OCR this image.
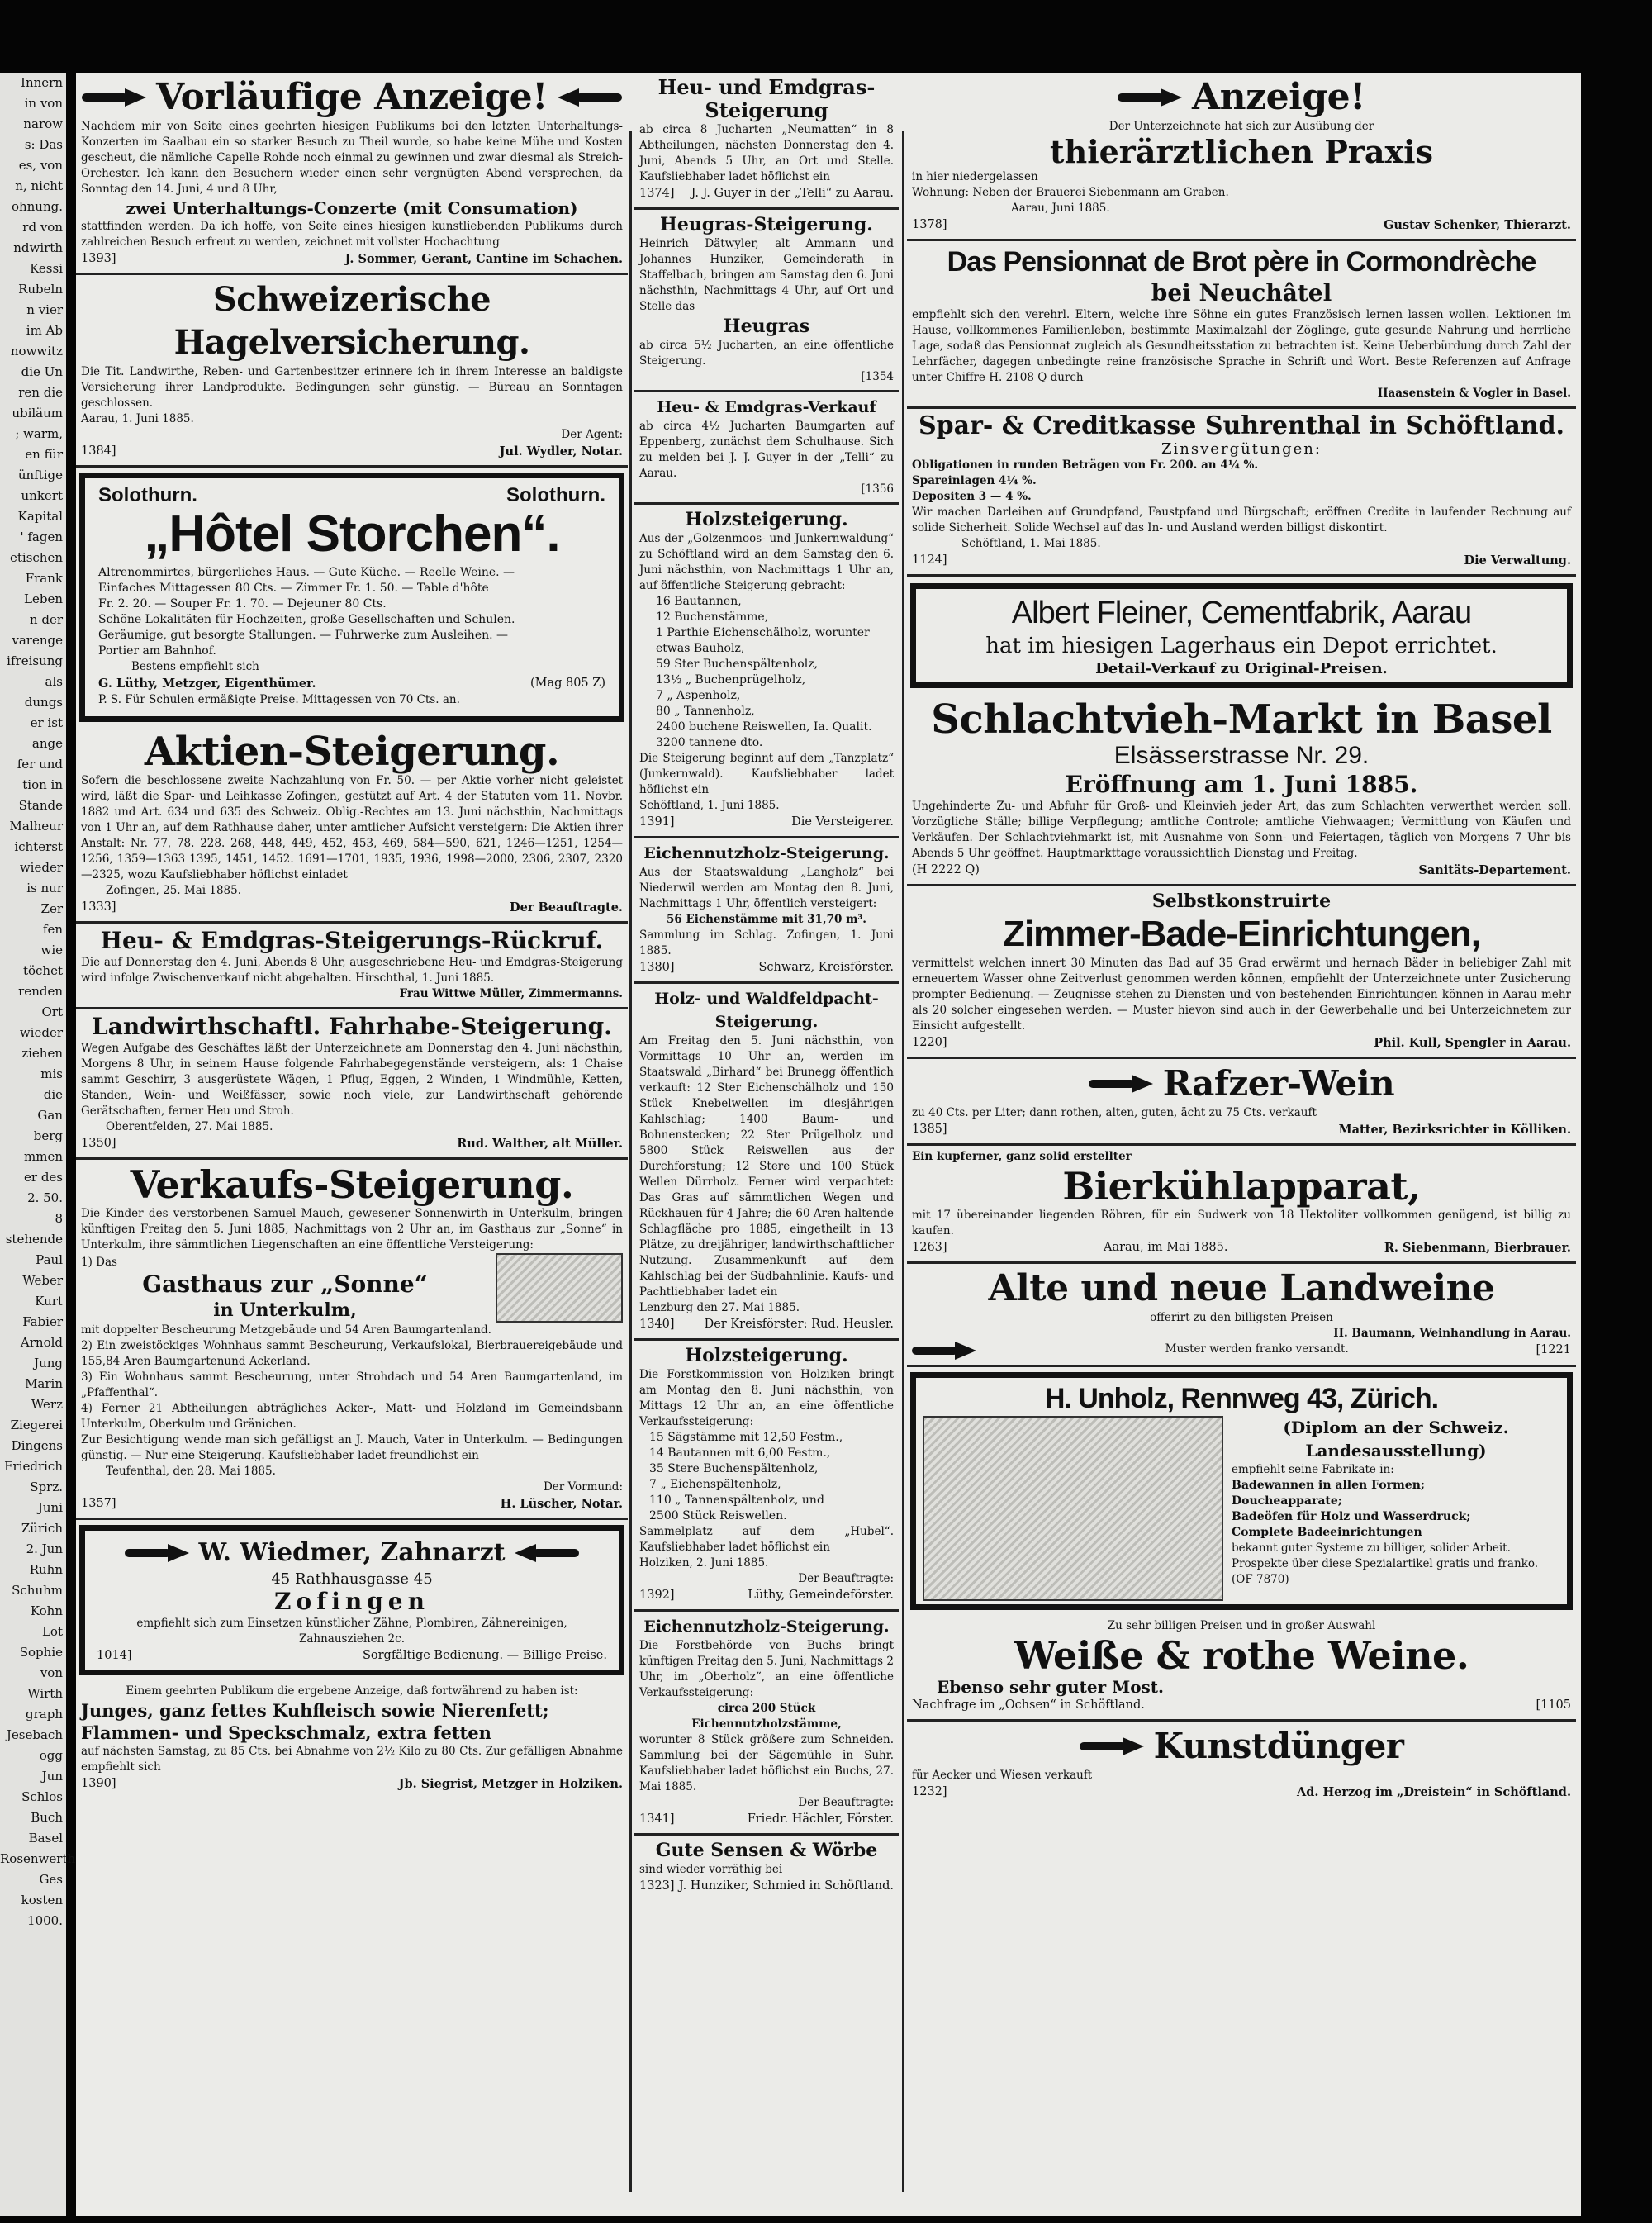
Innern
in von
narow
s: Das
es, von
n, nicht
ohnung.
rd von
ndwirth
Kessi
Rubeln
n vier
im Ab
nowwitz
die Un
ren die
ubiläum
; warm,
en für
ünftige
unkert
Kapital
' fagen
etischen
Frank
Leben
n der
varenge
ifreisung
als
dungs
er ist
ange
fer und
tion in
Stande
Malheur
ichterst
wieder
is nur
Zer
fen
wie
töchet
renden
Ort
wieder
ziehen
mis
die
Gan
berg
mmen
er des
2. 50.
8
stehende
Paul
Weber
Kurt
Fabier
Arnold
Jung
Marin
Werz
Ziegerei
Dingens
Friedrich
Sprz.
Juni
Zürich
2. Jun
Ruhn
Schuhm
Kohn
Lot
Sophie
von
Wirth
graph
Jesebach
ogg
Jun
Schlos
Buch
Basel
Rosenwerth
Ges
kosten
1000.
Vorläufige Anzeige!
Nachdem mir von Seite eines geehrten hiesigen Publikums bei den letzten Unterhaltungs-Konzerten im Saalbau ein so starker Besuch zu Theil wurde, so habe keine Mühe und Kosten gescheut, die nämliche Capelle Rohde noch einmal zu gewinnen und zwar diesmal als Streich-Orchester. Ich kann den Besuchern wieder einen sehr vergnügten Abend versprechen, da Sonntag den 14. Juni, 4 und 8 Uhr,
zwei Unterhaltungs-Conzerte (mit Consumation)
stattfinden werden. Da ich hoffe, von Seite eines hiesigen kunstliebenden Publikums durch zahlreichen Besuch erfreut zu werden, zeichnet mit vollster Hochachtung
1393]	J. Sommer, Gerant, Cantine im Schachen.
Schweizerische Hagelversicherung.
Die Tit. Landwirthe, Reben- und Gartenbesitzer erinnere ich in ihrem Interesse an baldigste Versicherung ihrer Landprodukte. Bedingungen sehr günstig. — Büreau an Sonntagen geschlossen.
Aarau, 1. Juni 1885.
Der Agent:
1384]	Jul. Wydler, Notar.
Solothurn.	Solothurn.
„Hôtel Storchen“.
Altrenommirtes, bürgerliches Haus. — Gute Küche. — Reelle Weine. —
Einfaches Mittagessen 80 Cts. — Zimmer Fr. 1. 50. — Table d'hôte
Fr. 2. 20. — Souper Fr. 1. 70. — Dejeuner 80 Cts.
Schöne Lokalitäten für Hochzeiten, große Gesellschaften und Schulen.
Geräumige, gut besorgte Stallungen. — Fuhrwerke zum Ausleihen. —
Portier am Bahnhof.
Bestens empfiehlt sich
G. Lüthy, Metzger, Eigenthümer.	(Mag 805 Z)
P. S. Für Schulen ermäßigte Preise. Mittagessen von 70 Cts. an.
Aktien-Steigerung.
Sofern die beschlossene zweite Nachzahlung von Fr. 50. — per Aktie vorher nicht geleistet wird, läßt die Spar- und Leihkasse Zofingen, gestützt auf Art. 4 der Statuten vom 11. Novbr. 1882 und Art. 634 und 635 des Schweiz. Oblig.-Rechtes am 13. Juni nächsthin, Nachmittags von 1 Uhr an, auf dem Rathhause daher, unter amtlicher Aufsicht versteigern: Die Aktien ihrer Anstalt: Nr. 77, 78. 228. 268, 448, 449, 452, 453, 469, 584—590, 621, 1246—1251, 1254—1256, 1359—1363 1395, 1451, 1452. 1691—1701, 1935, 1936, 1998—2000, 2306, 2307, 2320—2325, wozu Kaufsliebhaber höflichst einladet
Zofingen, 25. Mai 1885.
1333]	Der Beauftragte.
Heu- & Emdgras-Steigerungs-Rückruf.
Die auf Donnerstag den 4. Juni, Abends 8 Uhr, ausgeschriebene Heu- und Emdgras-Steigerung wird infolge Zwischenverkauf nicht abgehalten. Hirschthal, 1. Juni 1885.
Frau Wittwe Müller, Zimmermanns.
Landwirthschaftl. Fahrhabe-Steigerung.
Wegen Aufgabe des Geschäftes läßt der Unterzeichnete am Donnerstag den 4. Juni nächsthin, Morgens 8 Uhr, in seinem Hause folgende Fahrhabegegenstände versteigern, als: 1 Chaise sammt Geschirr, 3 ausgerüstete Wägen, 1 Pflug, Eggen, 2 Winden, 1 Windmühle, Ketten, Standen, Wein- und Weißfässer, sowie noch viele, zur Landwirthschaft gehörende Gerätschaften, ferner Heu und Stroh.
Oberentfelden, 27. Mai 1885.
1350]	Rud. Walther, alt Müller.
Verkaufs-Steigerung.
Die Kinder des verstorbenen Samuel Mauch, gewesener Sonnenwirth in Unterkulm, bringen künftigen Freitag den 5. Juni 1885, Nachmittags von 2 Uhr an, im Gasthaus zur „Sonne“ in Unterkulm, ihre sämmtlichen Liegenschaften an eine öffentliche Versteigerung:
1) Das
Gasthaus zur „Sonne“
in Unterkulm,
mit doppelter Bescheurung Metzgebäude und 54 Aren Baumgartenland.
2) Ein zweistöckiges Wohnhaus sammt Bescheurung, Verkaufslokal, Bierbrauereigebäude und 155,84 Aren Baumgartenund Ackerland.
3) Ein Wohnhaus sammt Bescheurung, unter Strohdach und 54 Aren Baumgartenland, im „Pfaffenthal“.
4) Ferner 21 Abtheilungen abträgliches Acker-, Matt- und Holzland im Gemeindsbann Unterkulm, Oberkulm und Gränichen.
Zur Besichtigung wende man sich gefälligst an J. Mauch, Vater in Unterkulm. — Bedingungen günstig. — Nur eine Steigerung. Kaufsliebhaber ladet freundlichst ein
Teufenthal, den 28. Mai 1885.
Der Vormund:
1357]	H. Lüscher, Notar.
W. Wiedmer, Zahnarzt
45 Rathhausgasse 45
Zofingen
empfiehlt sich zum Einsetzen künstlicher Zähne, Plombiren, Zähnereinigen, Zahnausziehen 2c.
1014]	Sorgfältige Bedienung. — Billige Preise.
Einem geehrten Publikum die ergebene Anzeige, daß fortwährend zu haben ist:
Junges, ganz fettes Kuhfleisch sowie Nierenfett;
Flammen- und Speckschmalz, extra fetten
auf nächsten Samstag, zu 85 Cts. bei Abnahme von 2½ Kilo zu 80 Cts. Zur gefälligen Abnahme empfiehlt sich
1390]	Jb. Siegrist, Metzger in Holziken.
Heu- und Emdgras-Steigerung
ab circa 8 Jucharten „Neumatten“ in 8 Abtheilungen, nächsten Donnerstag den 4. Juni, Abends 5 Uhr, an Ort und Stelle. Kaufsliebhaber ladet höflichst ein
1374] J. J. Guyer in der „Telli“ zu Aarau.
Heugras-Steigerung.
Heinrich Dätwyler, alt Ammann und Johannes Hunziker, Gemeinderath in Staffelbach, bringen am Samstag den 6. Juni nächsthin, Nachmittags 4 Uhr, auf Ort und Stelle das
Heugras
ab circa 5½ Jucharten, an eine öffentliche Steigerung.
[1354
Heu- & Emdgras-Verkauf
ab circa 4½ Jucharten Baumgarten auf Eppenberg, zunächst dem Schulhause. Sich zu melden bei J. J. Guyer in der „Telli“ zu Aarau.
[1356
Holzsteigerung.
Aus der „Golzenmoos- und Junkernwaldung“ zu Schöftland wird an dem Samstag den 6. Juni nächsthin, von Nachmittags 1 Uhr an, auf öffentliche Steigerung gebracht:
16 Bautannen,
12 Buchenstämme,
1 Parthie Eichenschälholz, worunter etwas Bauholz,
59 Ster Buchenspältenholz,
13½ „ Buchenprügelholz,
7 „ Aspenholz,
80 „ Tannenholz,
2400 buchene Reiswellen, Ia. Qualit.
3200 tannene dto.
Die Steigerung beginnt auf dem „Tanzplatz“ (Junkernwald). Kaufsliebhaber ladet höflichst ein
Schöftland, 1. Juni 1885.
1391]	Die Versteigerer.
Eichennutzholz-Steigerung.
Aus der Staatswaldung „Langholz“ bei Niederwil werden am Montag den 8. Juni, Nachmittags 1 Uhr, öffentlich versteigert:
56 Eichenstämme mit 31,70 m³.
Sammlung im Schlag. Zofingen, 1. Juni 1885.
1380]	Schwarz, Kreisförster.
Holz- und Waldfeldpacht-Steigerung.
Am Freitag den 5. Juni nächsthin, von Vormittags 10 Uhr an, werden im Staatswald „Birhard“ bei Brunegg öffentlich verkauft: 12 Ster Eichenschälholz und 150 Stück Knebelwellen im diesjährigen Kahlschlag; 1400 Baum- und Bohnenstecken; 22 Ster Prügelholz und 5800 Stück Reiswellen aus der Durchforstung; 12 Stere und 100 Stück Wellen Dürrholz. Ferner wird verpachtet: Das Gras auf sämmtlichen Wegen und Rückhauen für 4 Jahre; die 60 Aren haltende Schlagfläche pro 1885, eingetheilt in 13 Plätze, zu dreijähriger, landwirthschaftlicher Nutzung. Zusammenkunft auf dem Kahlschlag bei der Südbahnlinie. Kaufs- und Pachtliebhaber ladet ein
Lenzburg den 27. Mai 1885.
1340] Der Kreisförster: Rud. Heusler.
Holzsteigerung.
Die Forstkommission von Holziken bringt am Montag den 8. Juni nächsthin, von Mittags 12 Uhr an, an eine öffentliche Verkaufssteigerung:
15 Sägstämme mit 12,50 Festm.,
14 Bautannen mit 6,00 Festm.,
35 Stere Buchenspältenholz,
7 „ Eichenspältenholz,
110 „ Tannenspältenholz, und
2500 Stück Reiswellen.
Sammelplatz auf dem „Hubel“. Kaufsliebhaber ladet höflichst ein
Holziken, 2. Juni 1885.
Der Beauftragte:
1392]	Lüthy, Gemeindeförster.
Eichennutzholz-Steigerung.
Die Forstbehörde von Buchs bringt künftigen Freitag den 5. Juni, Nachmittags 2 Uhr, im „Oberholz“, an eine öffentliche Verkaufssteigerung:
circa 200 Stück
Eichennutzholzstämme,
worunter 8 Stück größere zum Schneiden. Sammlung bei der Sägemühle in Suhr. Kaufsliebhaber ladet höflichst ein Buchs, 27. Mai 1885.
Der Beauftragte:
1341]	Friedr. Hächler, Förster.
Gute Sensen & Wörbe
sind wieder vorräthig bei
1323] J. Hunziker, Schmied in Schöftland.
Anzeige!
Der Unterzeichnete hat sich zur Ausübung der
thierärztlichen Praxis
in hier niedergelassen
Wohnung: Neben der Brauerei Siebenmann am Graben.
Aarau, Juni 1885.
1378]	Gustav Schenker, Thierarzt.
Das Pensionnat de Brot père in Cormondrèche
bei Neuchâtel
empfiehlt sich den verehrl. Eltern, welche ihre Söhne ein gutes Französisch lernen lassen wollen. Lektionen im Hause, vollkommenes Familienleben, bestimmte Maximalzahl der Zöglinge, gute gesunde Nahrung und herrliche Lage, sodaß das Pensionnat zugleich als Gesundheitsstation zu betrachten ist. Keine Ueberbürdung durch Zahl der Lehrfächer, dagegen unbedingte reine französische Sprache in Schrift und Wort. Beste Referenzen auf Anfrage unter Chiffre H. 2108 Q durch
Haasenstein & Vogler in Basel.
Spar- & Creditkasse Suhrenthal in Schöftland.
Zinsvergütungen:
Obligationen in runden Beträgen von Fr. 200. an 4¼ %.
Spareinlagen 4¼ %.
Depositen 3 — 4 %.
Wir machen Darleihen auf Grundpfand, Faustpfand und Bürgschaft; eröffnen Credite in laufender Rechnung auf solide Sicherheit. Solide Wechsel auf das In- und Ausland werden billigst diskontirt.
Schöftland, 1. Mai 1885.
1124]	Die Verwaltung.
Albert Fleiner, Cementfabrik, Aarau
hat im hiesigen Lagerhaus ein Depot errichtet.
Detail-Verkauf zu Original-Preisen.
Schlachtvieh-Markt in Basel
Elsässerstrasse Nr. 29.
Eröffnung am 1. Juni 1885.
Ungehinderte Zu- und Abfuhr für Groß- und Kleinvieh jeder Art, das zum Schlachten verwerthet werden soll. Vorzügliche Ställe; billige Verpflegung; amtliche Controle; amtliche Viehwaagen; Vermittlung von Käufen und Verkäufen. Der Schlachtviehmarkt ist, mit Ausnahme von Sonn- und Feiertagen, täglich von Morgens 7 Uhr bis Abends 5 Uhr geöffnet. Hauptmarkttage voraussichtlich Dienstag und Freitag.
(H 2222 Q)	Sanitäts-Departement.
Selbstkonstruirte
Zimmer-Bade-Einrichtungen,
vermittelst welchen innert 30 Minuten das Bad auf 35 Grad erwärmt und hernach Bäder in beliebiger Zahl mit erneuertem Wasser ohne Zeitverlust genommen werden können, empfiehlt der Unterzeichnete unter Zusicherung prompter Bedienung. — Zeugnisse stehen zu Diensten und von bestehenden Einrichtungen können in Aarau mehr als 20 solcher eingesehen werden. — Muster hievon sind auch in der Gewerbehalle und bei Unterzeichnetem zur Einsicht aufgestellt.
1220]	Phil. Kull, Spengler in Aarau.
Rafzer-Wein
zu 40 Cts. per Liter; dann rothen, alten, guten, ächt zu 75 Cts. verkauft
1385]	Matter, Bezirksrichter in Kölliken.
Ein kupferner, ganz solid erstellter
Bierkühlapparat,
mit 17 übereinander liegenden Röhren, für ein Sudwerk von 18 Hektoliter vollkommen genügend, ist billig zu kaufen.
1263]	Aarau, im Mai 1885.	R. Siebenmann, Bierbrauer.
Alte und neue Landweine
offerirt zu den billigsten Preisen
H. Baumann, Weinhandlung in Aarau.
Muster werden franko versandt.	[1221
H. Unholz, Rennweg 43, Zürich.
(Diplom an der Schweiz. Landesausstellung)
empfiehlt seine Fabrikate in:
Badewannen in allen Formen;
Doucheapparate;
Badeöfen für Holz und Wasserdruck;
Complete Badeeinrichtungen
bekannt guter Systeme zu billiger, solider Arbeit. Prospekte über diese Spezialartikel gratis und franko. (OF 7870)
Zu sehr billigen Preisen und in großer Auswahl
Weiße & rothe Weine.
Ebenso sehr guter Most.
Nachfrage im „Ochsen“ in Schöftland.	[1105
Kunstdünger
für Aecker und Wiesen verkauft
1232]	Ad. Herzog im „Dreistein“ in Schöftland.
